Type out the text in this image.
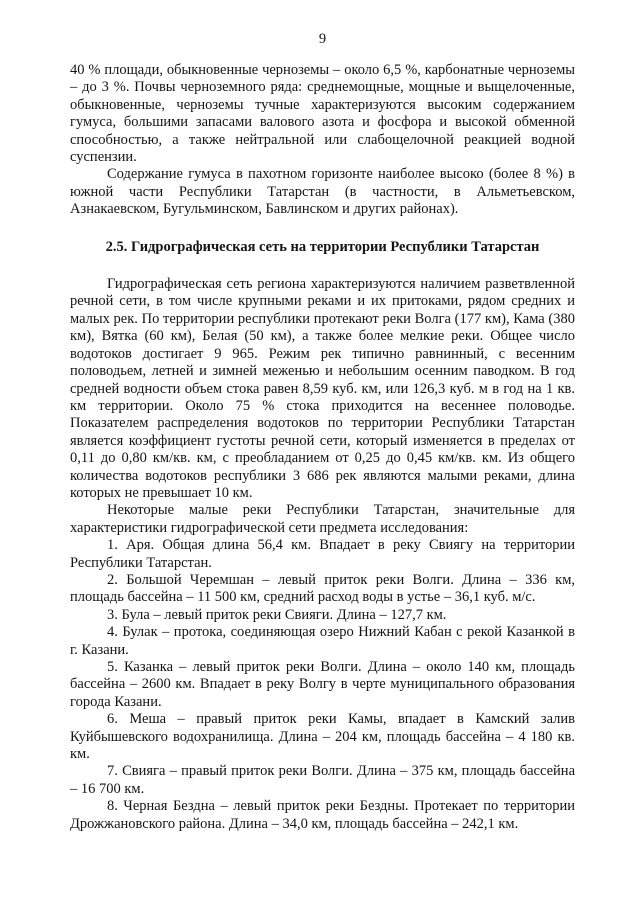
9

40 % площади, обыкновенные черноземы – около 6,5 %, карбонатные черноземы – до 3 %. Почвы черноземного ряда: среднемощные, мощные и выщелоченные, обыкновенные, черноземы тучные характеризуются высоким содержанием гумуса, большими запасами валового азота и фосфора и высокой обменной способностью, а также нейтральной или слабощелочной реакцией водной суспензии.

Содержание гумуса в пахотном горизонте наиболее высоко (более 8 %) в южной части Республики Татарстан (в частности, в Альметьевском, Азнакаевском, Бугульминском, Бавлинском и других районах).

2.5. Гидрографическая сеть на территории Республики Татарстан

Гидрографическая сеть региона характеризуются наличием разветвленной речной сети, в том числе крупными реками и их притоками, рядом средних и малых рек. По территории республики протекают реки Волга (177 км), Кама (380 км), Вятка (60 км), Белая (50 км), а также более мелкие реки. Общее число водотоков достигает 9 965. Режим рек типично равнинный, с весенним половодьем, летней и зимней меженью и небольшим осенним паводком. В год средней водности объем стока равен 8,59 куб. км, или 126,3 куб. м в год на 1 кв. км территории. Около 75 % стока приходится на весеннее половодье. Показателем распределения водотоков по территории Республики Татарстан является коэффициент густоты речной сети, который изменяется в пределах от 0,11 до 0,80 км/кв. км, с преобладанием от 0,25 до 0,45 км/кв. км. Из общего количества водотоков республики 3 686 рек являются малыми реками, длина которых не превышает 10 км.

Некоторые малые реки Республики Татарстан, значительные для характеристики гидрографической сети предмета исследования:

1. Аря. Общая длина 56,4 км. Впадает в реку Свиягу на территории Республики Татарстан.

2. Большой Черемшан – левый приток реки Волги. Длина – 336 км, площадь бассейна – 11 500 км, средний расход воды в устье – 36,1 куб. м/с.

3. Була – левый приток реки Свияги. Длина – 127,7 км.

4. Булак – протока, соединяющая озеро Нижний Кабан с рекой Казанкой в г. Казани.

5. Казанка – левый приток реки Волги. Длина – около 140 км, площадь бассейна – 2600 км. Впадает в реку Волгу в черте муниципального образования города Казани.

6. Меша – правый приток реки Камы, впадает в Камский залив Куйбышевского водохранилища. Длина – 204 км, площадь бассейна – 4 180 кв. км.

7. Свияга – правый приток реки Волги. Длина – 375 км, площадь бассейна – 16 700 км.

8. Черная Бездна – левый приток реки Бездны. Протекает по территории Дрожжановского района. Длина – 34,0 км, площадь бассейна – 242,1 км.
